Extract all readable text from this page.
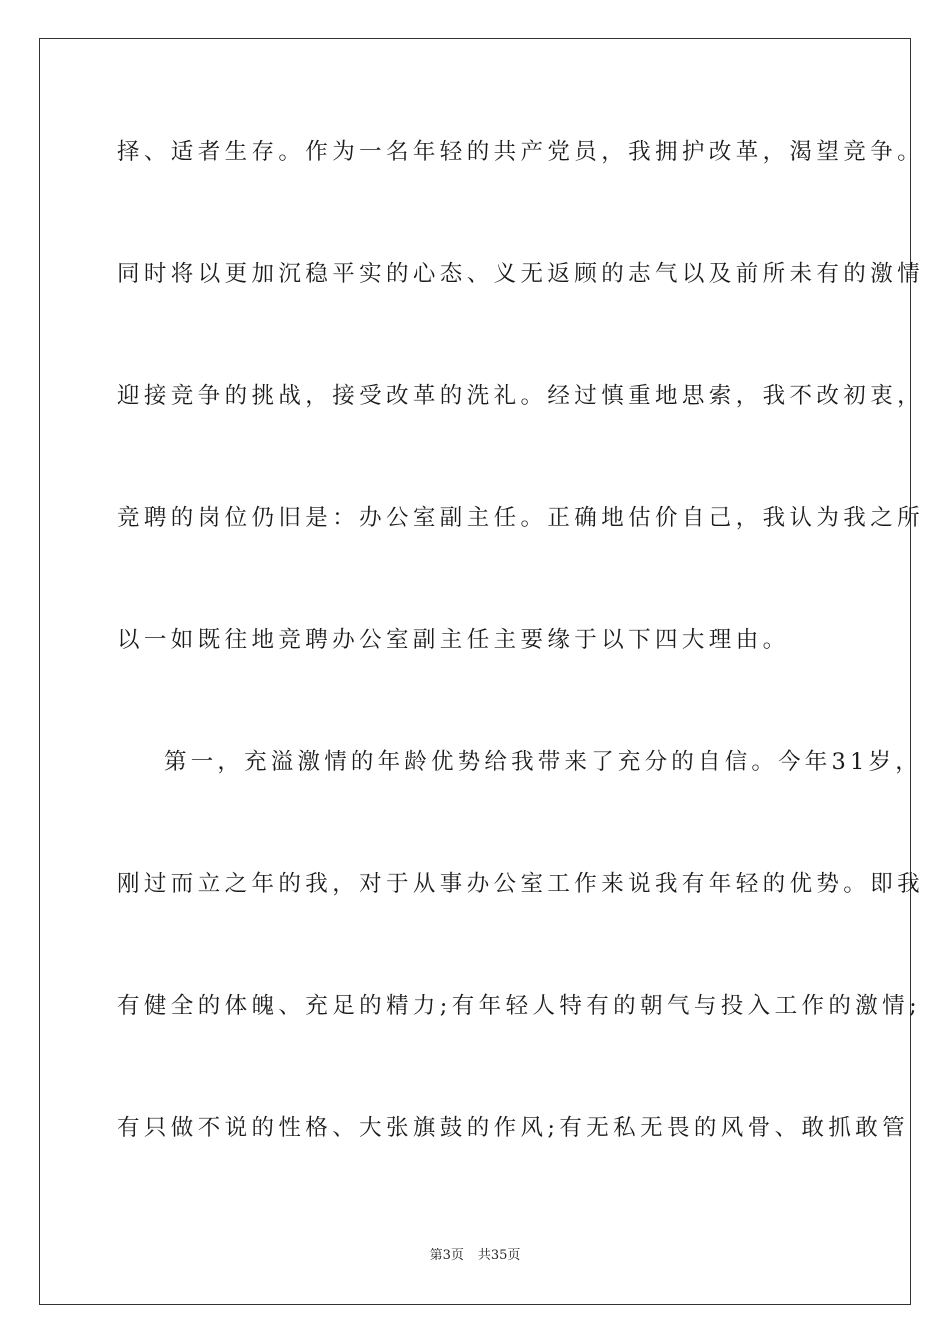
择、适者生存。作为一名年轻的共产党员，我拥护改革，渴望竞争。
同时将以更加沉稳平实的心态、义无返顾的志气以及前所未有的激情
迎接竞争的挑战，接受改革的洗礼。经过慎重地思索，我不改初衷，
竞聘的岗位仍旧是：办公室副主任。正确地估价自己，我认为我之所
以一如既往地竞聘办公室副主任主要缘于以下四大理由。
第一，充溢激情的年龄优势给我带来了充分的自信。今年31岁，
刚过而立之年的我，对于从事办公室工作来说我有年轻的优势。即我
有健全的体魄、充足的精力;有年轻人特有的朝气与投入工作的激情;
有只做不说的性格、大张旗鼓的作风;有无私无畏的风骨、敢抓敢管
第3页 共35页
